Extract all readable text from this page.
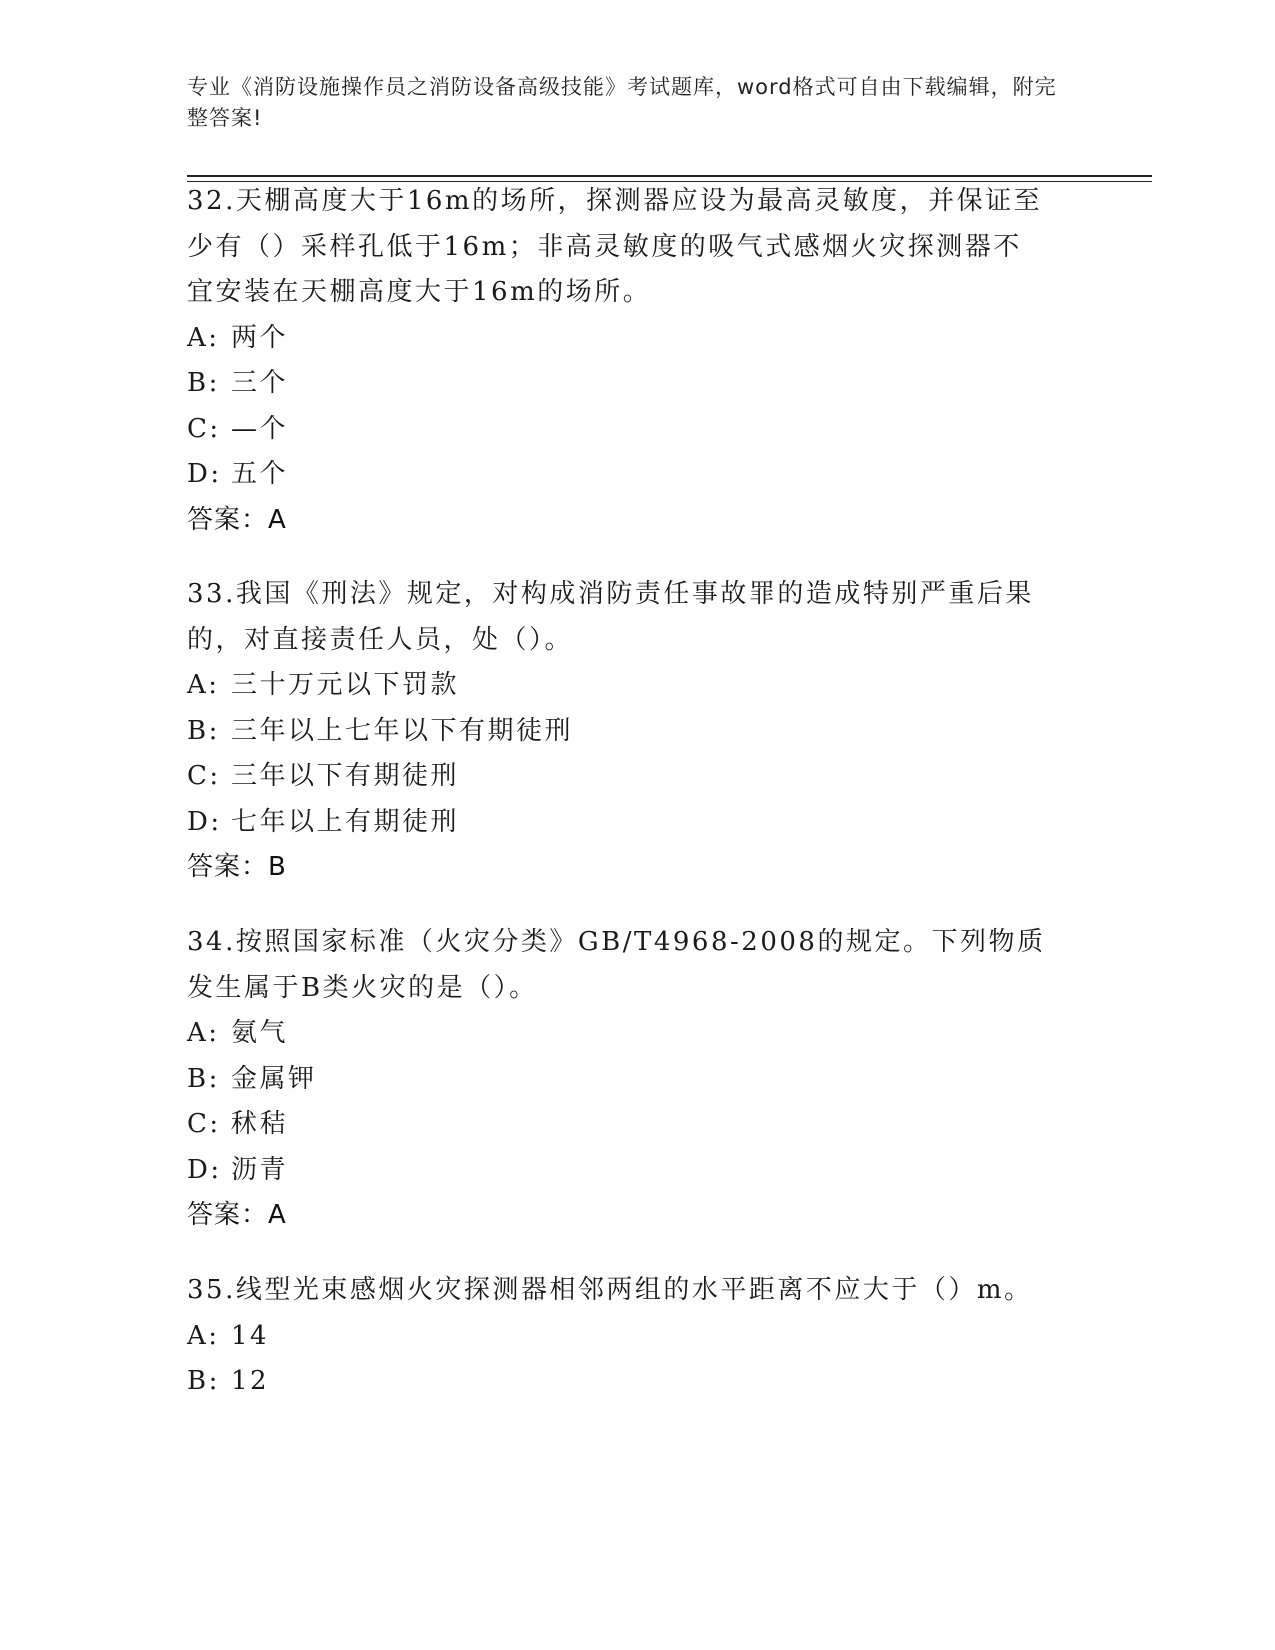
专业《消防设施操作员之消防设备高级技能》考试题库，word格式可自由下载编辑，附完整答案!

32.天棚高度大于16m的场所，探测器应设为最高灵敏度，并保证至少有（）采样孔低于16m；非高灵敏度的吸气式感烟火灾探测器不宜安装在天棚高度大于16m的场所。

A: 两个

B: 三个

C: —个

D: 五个

答案：A

33.我国《刑法》规定，对构成消防责任事故罪的造成特别严重后果的，对直接责任人员，处（）。

A: 三十万元以下罚款

B: 三年以上七年以下有期徒刑

C: 三年以下有期徒刑

D: 七年以上有期徒刑

答案：B

34.按照国家标准（火灾分类》GB/T4968-2008的规定。下列物质发生属于B类火灾的是（）。

A: 氨气

B: 金属钾

C: 秫秸

D: 沥青

答案：A

35.线型光束感烟火灾探测器相邻两组的水平距离不应大于（）m。

A: 14

B: 12
